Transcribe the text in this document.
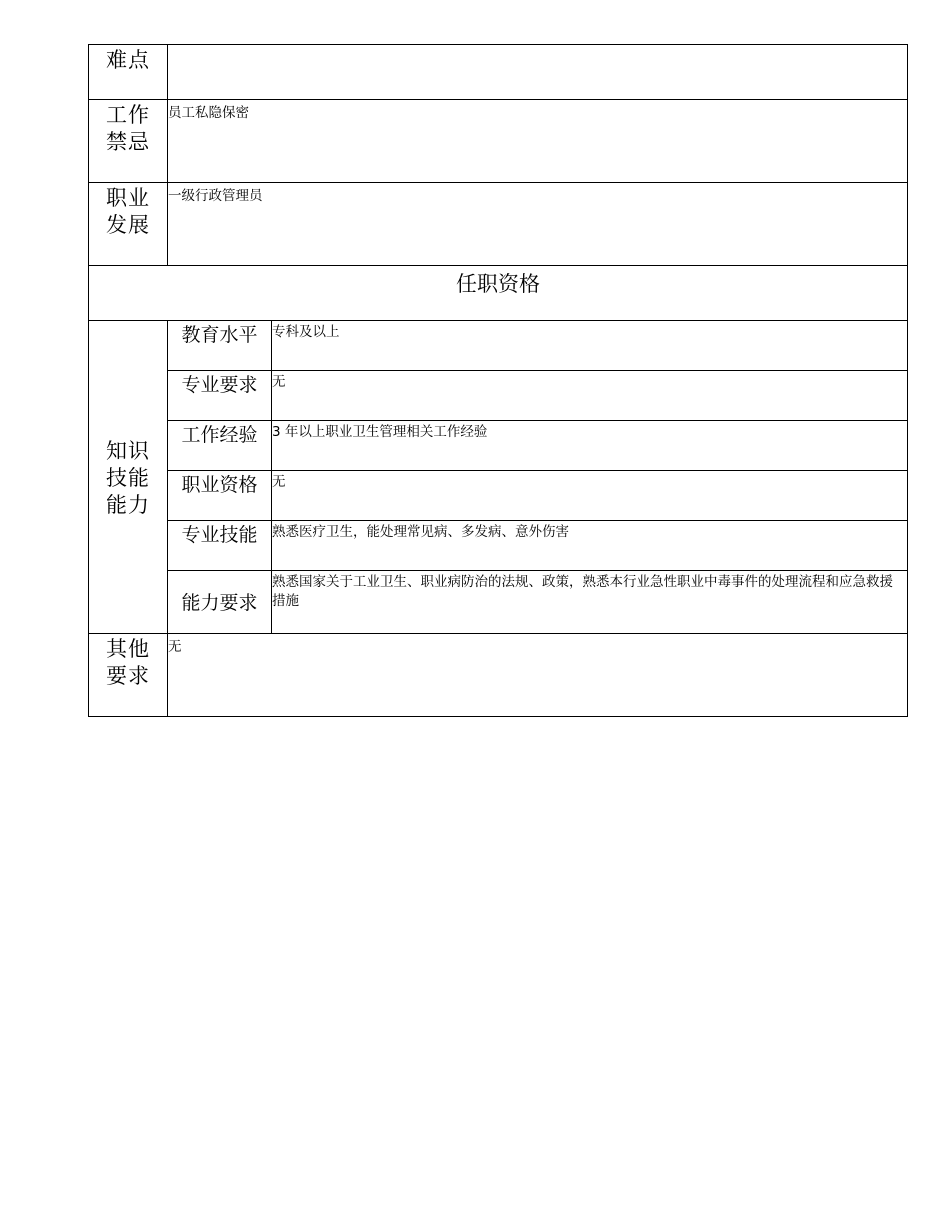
难点		

工作
禁忌	员工私隐保密	

职业
发展	一级行政管理员	
任职资格		

知识
技能
能力	教育水平	专科及以上
	专业要求	无
	工作经验	3 年以上职业卫生管理相关工作经验
	职业资格	无
	专业技能	熟悉医疗卫生，能处理常见病、多发病、意外伤害
	能力要求	熟悉国家关于工业卫生、职业病防治的法规、政策，熟悉本行业急性职业中毒事件的处理流程和应急救援措施

其他
要求	无	
